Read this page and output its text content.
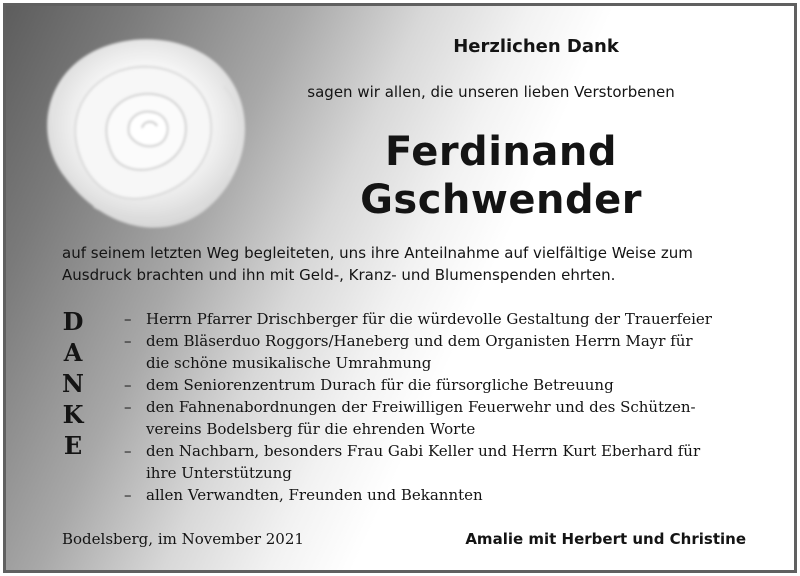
Herzlichen Dank
sagen wir allen, die unseren lieben Verstorbenen
Ferdinand
Gschwender
auf seinem letzten Weg begleiteten, uns ihre Anteilnahme auf vielfältige Weise zum
Ausdruck brachten und ihn mit Geld-, Kranz- und Blumenspenden ehrten.
D
A
N
K
E
– Herrn Pfarrer Drischberger für die würdevolle Gestaltung der Trauerfeier
– dem Bläserduo Roggors/Haneberg und dem Organisten Herrn Mayr für
die schöne musikalische Umrahmung
– dem Seniorenzentrum Durach für die fürsorgliche Betreuung
– den Fahnenabordnungen der Freiwilligen Feuerwehr und des Schützen-
vereins Bodelsberg für die ehrenden Worte
– den Nachbarn, besonders Frau Gabi Keller und Herrn Kurt Eberhard für
ihre Unterstützung
– allen Verwandten, Freunden und Bekannten
Bodelsberg, im November 2021	Amalie mit Herbert und Christine
